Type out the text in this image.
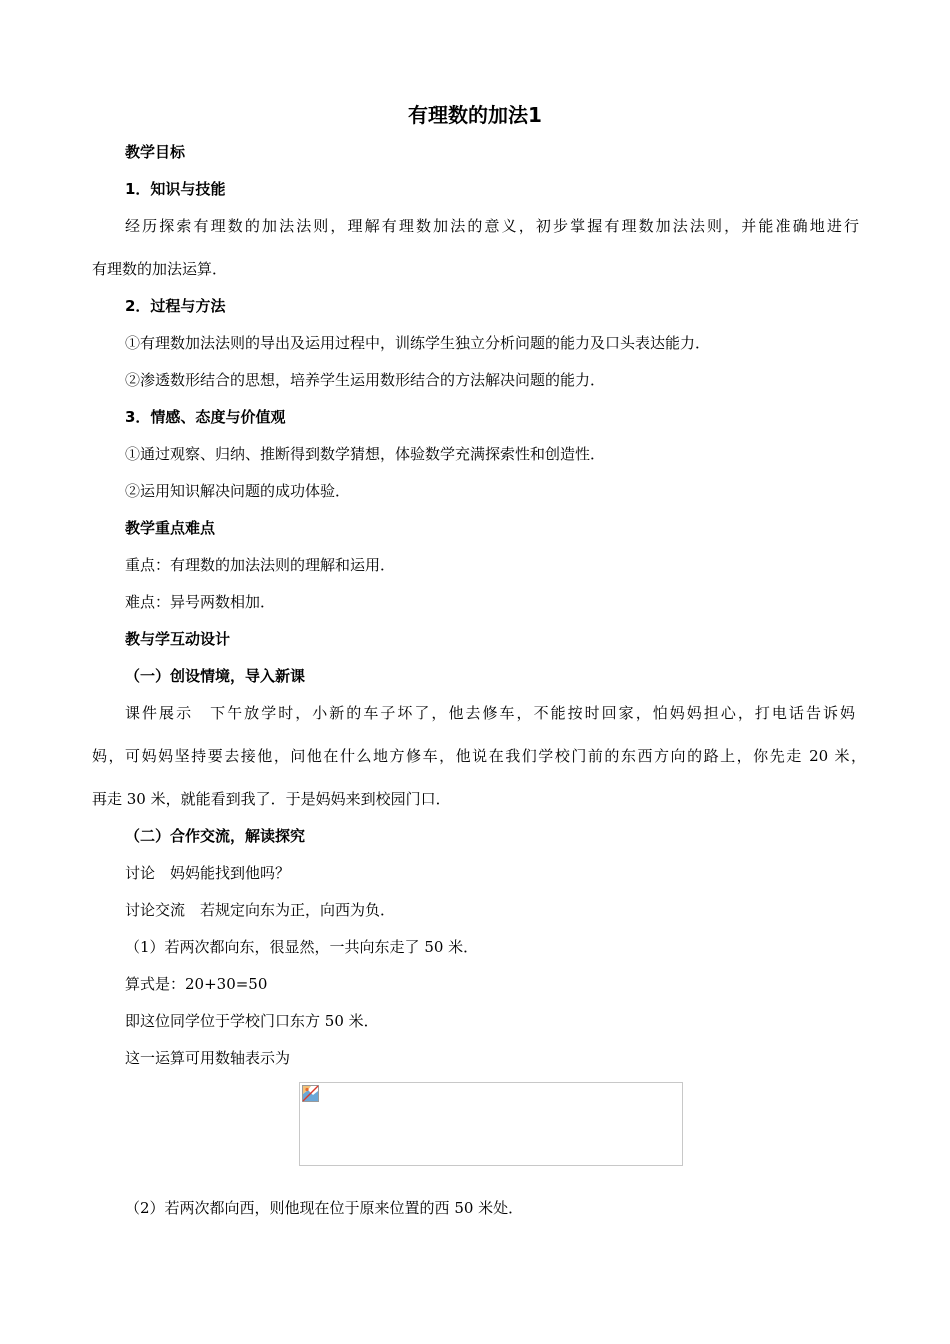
有理数的加法1
教学目标
1．知识与技能
经历探索有理数的加法法则，理解有理数加法的意义，初步掌握有理数加法法则，并能准确地进行
有理数的加法运算．
2．过程与方法
①有理数加法法则的导出及运用过程中，训练学生独立分析问题的能力及口头表达能力．
②渗透数形结合的思想，培养学生运用数形结合的方法解决问题的能力．
3．情感、态度与价值观
①通过观察、归纳、推断得到数学猜想，体验数学充满探索性和创造性．
②运用知识解决问题的成功体验．
教学重点难点
重点：有理数的加法法则的理解和运用．
难点：异号两数相加．
教与学互动设计
（一）创设情境，导入新课
课件展示　下午放学时，小新的车子坏了，他去修车，不能按时回家，怕妈妈担心，打电话告诉妈
妈，可妈妈坚持要去接他，问他在什么地方修车，他说在我们学校门前的东西方向的路上，你先走 20 米，
再走 30 米，就能看到我了．于是妈妈来到校园门口．
（二）合作交流，解读探究
讨论　妈妈能找到他吗？
讨论交流　若规定向东为正，向西为负．
（1）若两次都向东，很显然，一共向东走了 50 米．
算式是：20+30=50
即这位同学位于学校门口东方 50 米．
这一运算可用数轴表示为
（2）若两次都向西，则他现在位于原来位置的西 50 米处．
